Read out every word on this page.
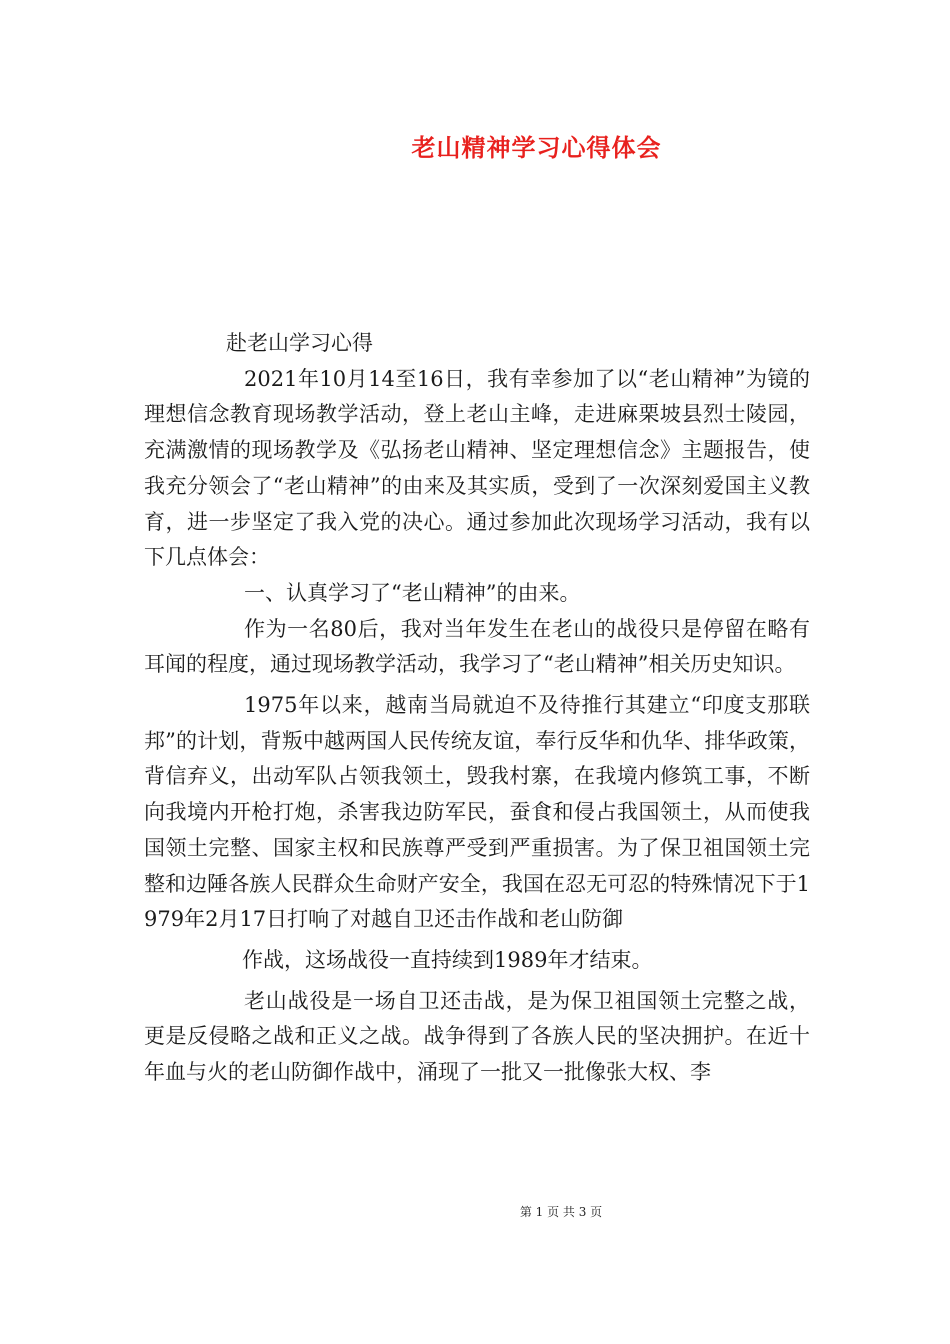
老山精神学习心得体会

赴老山学习心得

2021年10月14至16日，我有幸参加了以“老山精神”为镜的理想信念教育现场教学活动，登上老山主峰，走进麻栗坡县烈士陵园，充满激情的现场教学及《弘扬老山精神、坚定理想信念》主题报告，使我充分领会了“老山精神”的由来及其实质，受到了一次深刻爱国主义教育，进一步坚定了我入党的决心。通过参加此次现场学习活动，我有以下几点体会：

一、认真学习了“老山精神”的由来。

作为一名80后，我对当年发生在老山的战役只是停留在略有耳闻的程度，通过现场教学活动，我学习了“老山精神”相关历史知识。

1975年以来，越南当局就迫不及待推行其建立“印度支那联邦”的计划，背叛中越两国人民传统友谊，奉行反华和仇华、排华政策，背信弃义，出动军队占领我领土，毁我村寨，在我境内修筑工事，不断向我境内开枪打炮，杀害我边防军民，蚕食和侵占我国领土，从而使我国领土完整、国家主权和民族尊严受到严重损害。为了保卫祖国领土完整和边陲各族人民群众生命财产安全，我国在忍无可忍的特殊情况下于1979年2月17日打响了对越自卫还击作战和老山防御

作战，这场战役一直持续到1989年才结束。

老山战役是一场自卫还击战，是为保卫祖国领土完整之战，更是反侵略之战和正义之战。战争得到了各族人民的坚决拥护。在近十年血与火的老山防御作战中，涌现了一批又一批像张大权、李

第 1 页 共 3 页
